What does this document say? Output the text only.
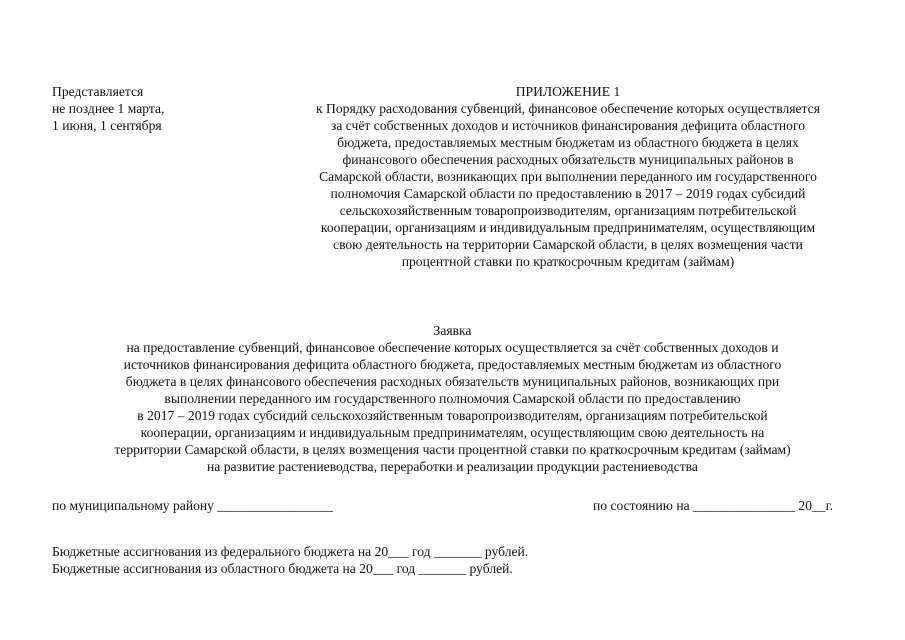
Представляется
не позднее 1 марта,
1 июня, 1 сентября
ПРИЛОЖЕНИЕ 1
к Порядку расходования субвенций, финансовое обеспечение которых осуществляется
за счёт собственных доходов и источников финансирования дефицита областного
бюджета, предоставляемых местным бюджетам из областного бюджета в целях
финансового обеспечения расходных обязательств муниципальных районов в
Самарской области, возникающих при выполнении переданного им государственного
полномочия Самарской области по предоставлению в 2017 – 2019 годах субсидий
сельскохозяйственным товаропроизводителям, организациям потребительской
кооперации, организациям и индивидуальным предпринимателям, осуществляющим
свою деятельность на территории Самарской области, в целях возмещения части
процентной ставки по краткосрочным кредитам (займам)
Заявка
на предоставление субвенций, финансовое обеспечение которых осуществляется за счёт собственных доходов и
источников финансирования дефицита областного бюджета, предоставляемых местным бюджетам из областного
бюджета в целях финансового обеспечения расходных обязательств муниципальных районов, возникающих при
выполнении переданного им государственного полномочия Самарской области по предоставлению
в 2017 – 2019 годах субсидий сельскохозяйственным товаропроизводителям, организациям потребительской
кооперации, организациям и индивидуальным предпринимателям, осуществляющим свою деятельность на
территории Самарской области, в целях возмещения части процентной ставки по краткосрочным кредитам (займам)
на развитие растениеводства, переработки и реализации продукции растениеводства
по муниципальному району _________________	по состоянию на _______________ 20__г.
Бюджетные ассигнования из федерального бюджета на 20___ год _______ рублей.
Бюджетные ассигнования из областного бюджета на 20___ год _______ рублей.
